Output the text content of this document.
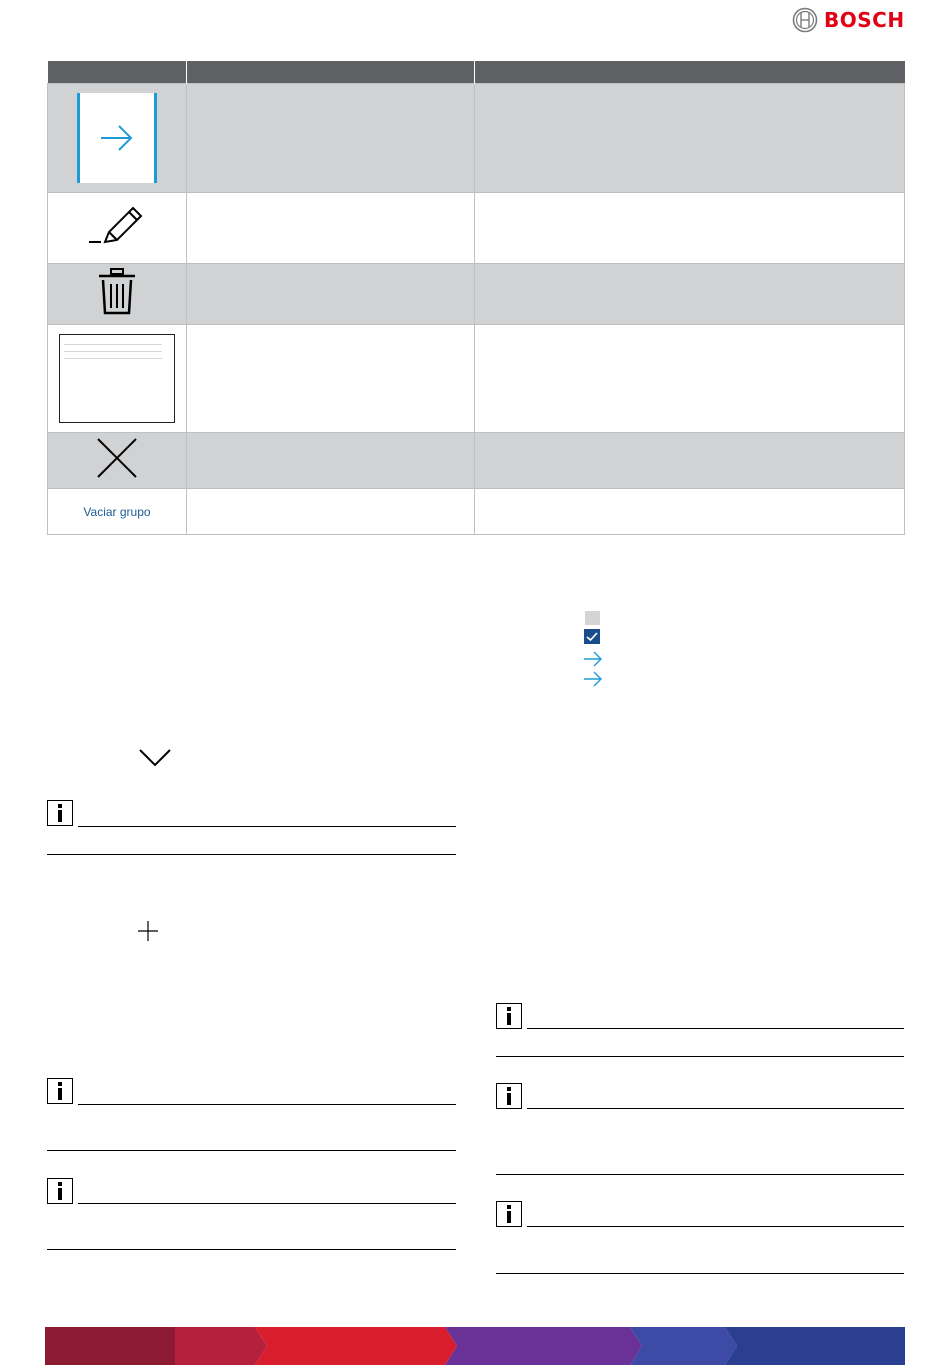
BOSCH

Vaciar grupo		
